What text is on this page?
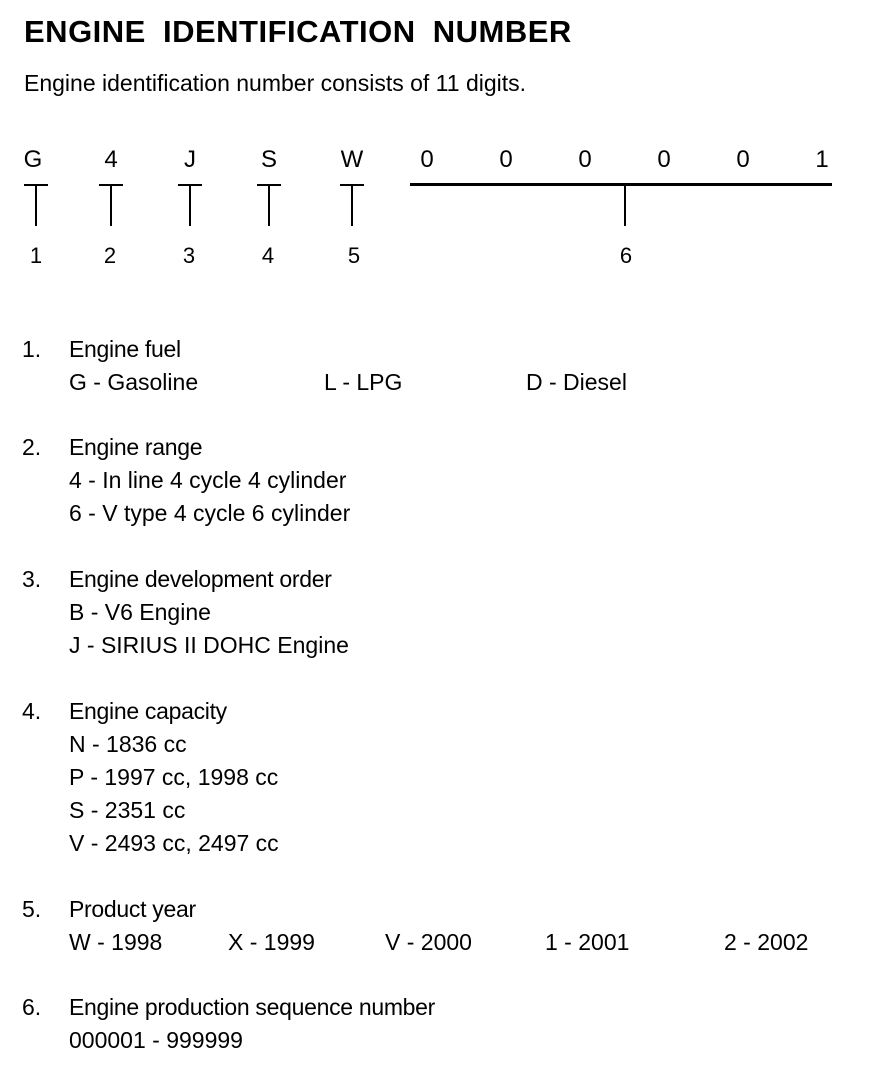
ENGINE IDENTIFICATION NUMBER

Engine identification number consists of 11 digits.

G	4	J	S	W 0	0	0	0	0	1
1	2	3	4	5	6
1. Engine fuel
G - Gasoline	L - LPG	D - Diesel
2. Engine range
4 - In line 4 cycle 4 cylinder
6 - V type 4 cycle 6 cylinder
3. Engine development order
B - V6 Engine
J - SIRIUS II DOHC Engine
4. Engine capacity
N - 1836 cc
P - 1997 cc, 1998 cc
S - 2351 cc
V - 2493 cc, 2497 cc
5. Product year
W - 1998	X - 1999	V - 2000	1 - 2001	2 - 2002
6. Engine production sequence number
000001 - 999999
